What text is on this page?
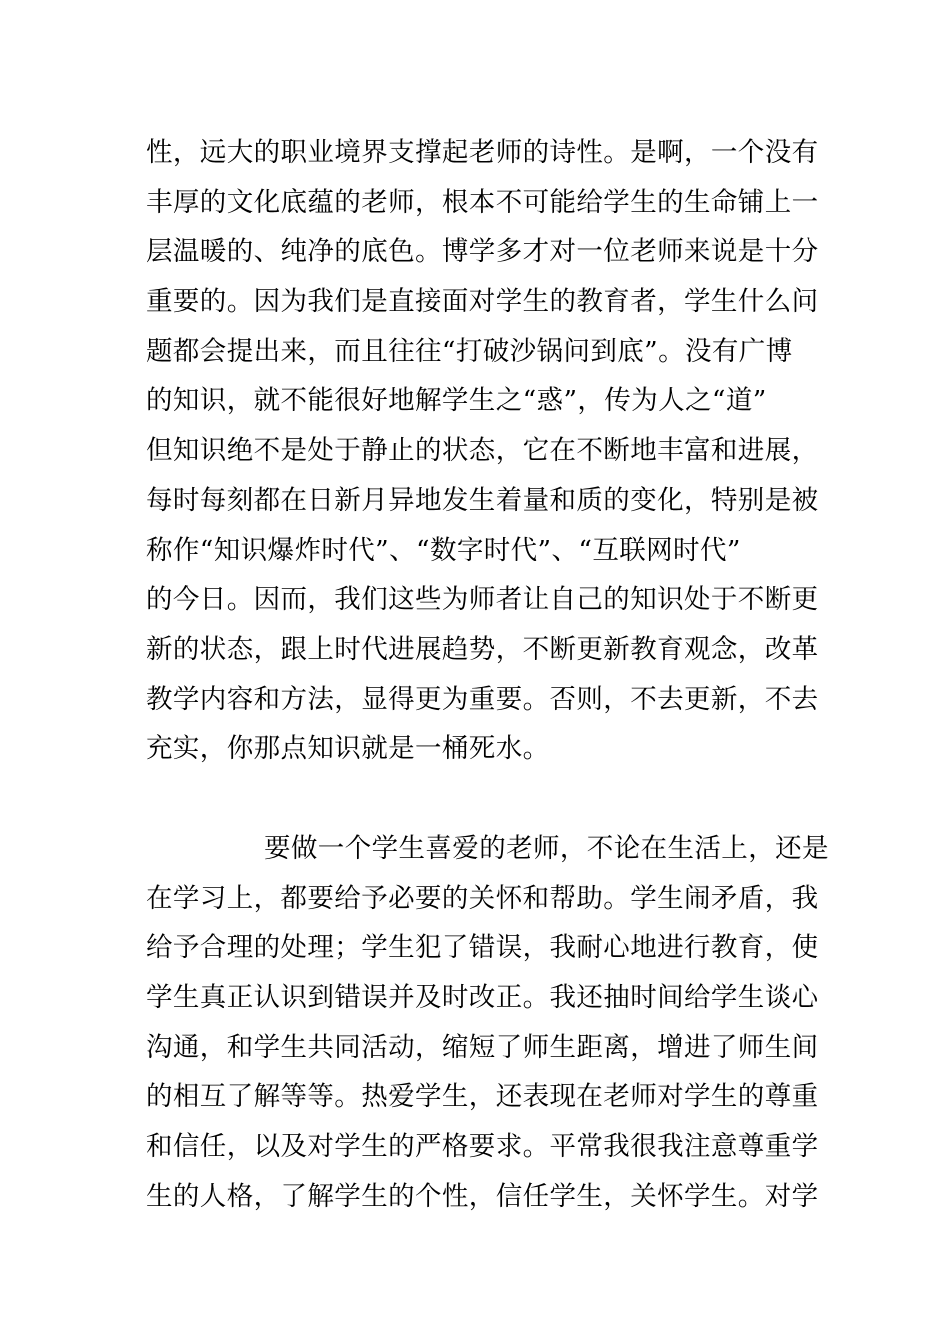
性，远大的职业境界支撑起老师的诗性。是啊，一个没有
丰厚的文化底蕴的老师，根本不可能给学生的生命铺上一
层温暖的、纯净的底色。博学多才对一位老师来说是十分
重要的。因为我们是直接面对学生的教育者，学生什么问
题都会提出来，而且往往“打破沙锅问到底”。没有广博
的知识，就不能很好地解学生之“惑”，传为人之“道”
但知识绝不是处于静止的状态，它在不断地丰富和进展，
每时每刻都在日新月异地发生着量和质的变化，特别是被
称作“知识爆炸时代”、“数字时代”、“互联网时代”
的今日。因而，我们这些为师者让自己的知识处于不断更
新的状态，跟上时代进展趋势，不断更新教育观念，改革
教学内容和方法，显得更为重要。否则，不去更新，不去
充实，你那点知识就是一桶死水。
要做一个学生喜爱的老师，不论在生活上，还是
在学习上，都要给予必要的关怀和帮助。学生闹矛盾，我
给予合理的处理；学生犯了错误，我耐心地进行教育，使
学生真正认识到错误并及时改正。我还抽时间给学生谈心
沟通，和学生共同活动，缩短了师生距离，增进了师生间
的相互了解等等。热爱学生，还表现在老师对学生的尊重
和信任，以及对学生的严格要求。平常我很我注意尊重学
生的人格，了解学生的个性，信任学生，关怀学生。对学
